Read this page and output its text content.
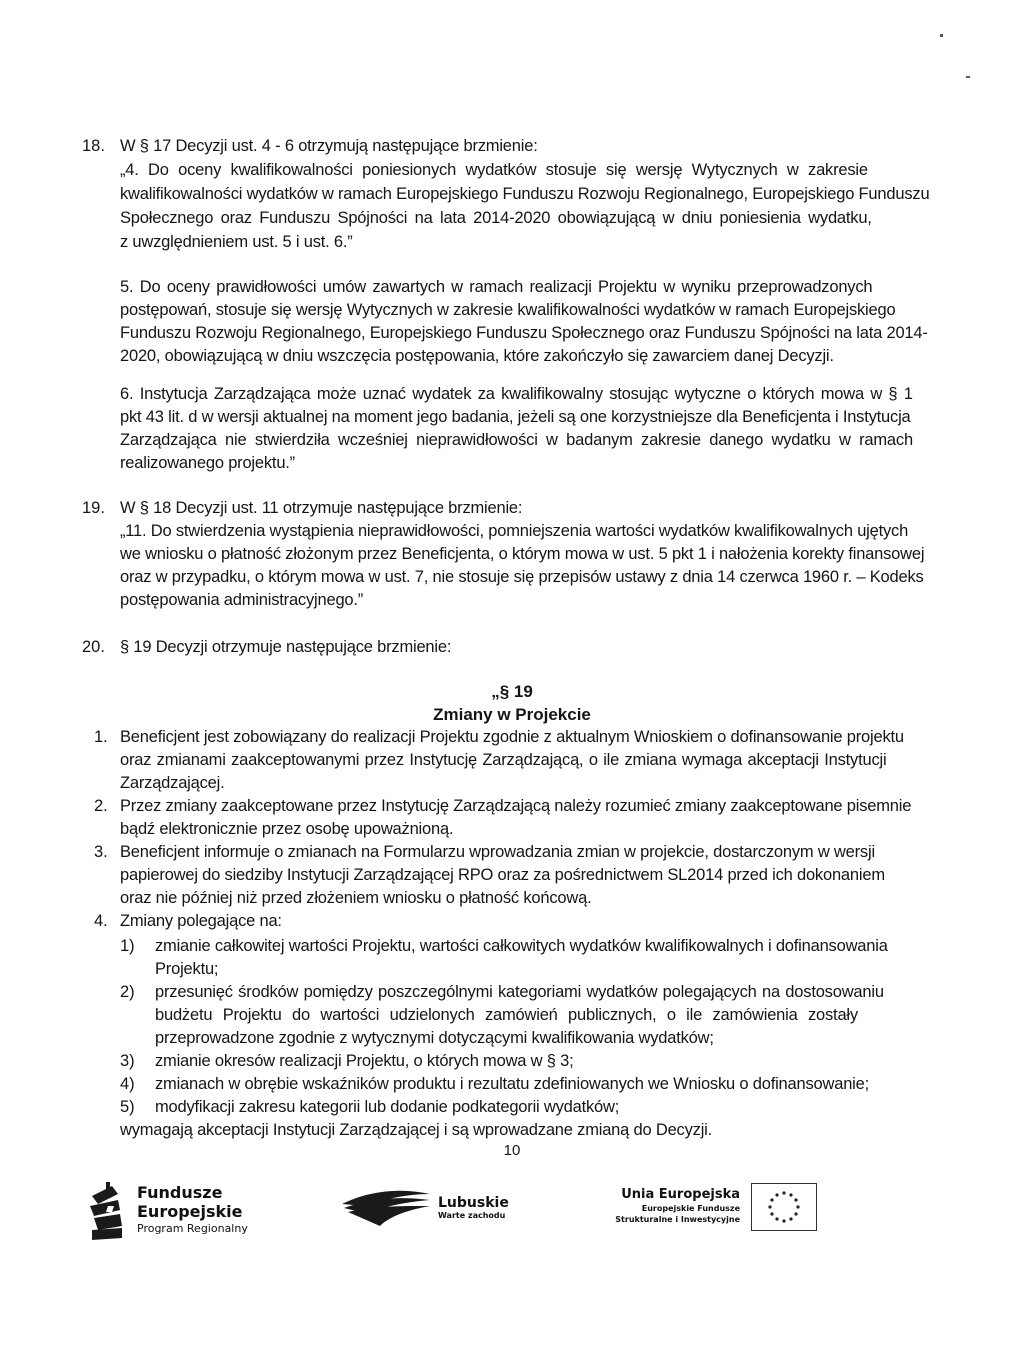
18. W § 17 Decyzji ust. 4 - 6 otrzymują następujące brzmienie:
„4. Do oceny kwalifikowalności poniesionych wydatków stosuje się wersję Wytycznych w zakresie
kwalifikowalności wydatków w ramach Europejskiego Funduszu Rozwoju Regionalnego, Europejskiego Funduszu
Społecznego oraz Funduszu Spójności na lata 2014-2020 obowiązującą w dniu poniesienia wydatku,
z uwzględnieniem ust. 5 i ust. 6.”
5. Do oceny prawidłowości umów zawartych w ramach realizacji Projektu w wyniku przeprowadzonych
postępowań, stosuje się wersję Wytycznych w zakresie kwalifikowalności wydatków w ramach Europejskiego
Funduszu Rozwoju Regionalnego, Europejskiego Funduszu Społecznego oraz Funduszu Spójności na lata 2014-
2020, obowiązującą w dniu wszczęcia postępowania, które zakończyło się zawarciem danej Decyzji.
6. Instytucja Zarządzająca może uznać wydatek za kwalifikowalny stosując wytyczne o których mowa w § 1
pkt 43 lit. d w wersji aktualnej na moment jego badania, jeżeli są one korzystniejsze dla Beneficjenta i Instytucja
Zarządzająca nie stwierdziła wcześniej nieprawidłowości w badanym zakresie danego wydatku w ramach
realizowanego projektu.”
19. W § 18 Decyzji ust. 11 otrzymuje następujące brzmienie:
„11. Do stwierdzenia wystąpienia nieprawidłowości, pomniejszenia wartości wydatków kwalifikowalnych ujętych
we wniosku o płatność złożonym przez Beneficjenta, o którym mowa w ust. 5 pkt 1 i nałożenia korekty finansowej
oraz w przypadku, o którym mowa w ust. 7, nie stosuje się przepisów ustawy z dnia 14 czerwca 1960 r. – Kodeks
postępowania administracyjnego.”
20. § 19 Decyzji otrzymuje następujące brzmienie:
„§ 19
Zmiany w Projekcie
1. Beneficjent jest zobowiązany do realizacji Projektu zgodnie z aktualnym Wnioskiem o dofinansowanie projektu
oraz zmianami zaakceptowanymi przez Instytucję Zarządzającą, o ile zmiana wymaga akceptacji Instytucji
Zarządzającej.
2. Przez zmiany zaakceptowane przez Instytucję Zarządzającą należy rozumieć zmiany zaakceptowane pisemnie
bądź elektronicznie przez osobę upoważnioną.
3. Beneficjent informuje o zmianach na Formularzu wprowadzania zmian w projekcie, dostarczonym w wersji
papierowej do siedziby Instytucji Zarządzającej RPO oraz za pośrednictwem SL2014 przed ich dokonaniem
oraz nie później niż przed złożeniem wniosku o płatność końcową.
4. Zmiany polegające na:
1) zmianie całkowitej wartości Projektu, wartości całkowitych wydatków kwalifikowalnych i dofinansowania
Projektu;
2) przesunięć środków pomiędzy poszczególnymi kategoriami wydatków polegających na dostosowaniu
budżetu Projektu do wartości udzielonych zamówień publicznych, o ile zamówienia zostały
przeprowadzone zgodnie z wytycznymi dotyczącymi kwalifikowania wydatków;
3) zmianie okresów realizacji Projektu, o których mowa w § 3;
4) zmianach w obrębie wskaźników produktu i rezultatu zdefiniowanych we Wniosku o dofinansowanie;
5) modyfikacji zakresu kategorii lub dodanie podkategorii wydatków;
wymagają akceptacji Instytucji Zarządzającej i są wprowadzane zmianą do Decyzji.
10
Fundusze
Europejskie
Program Regionalny
Lubuskie
Warte zachodu
Unia Europejska
Europejskie Fundusze
Strukturalne i Inwestycyjne
